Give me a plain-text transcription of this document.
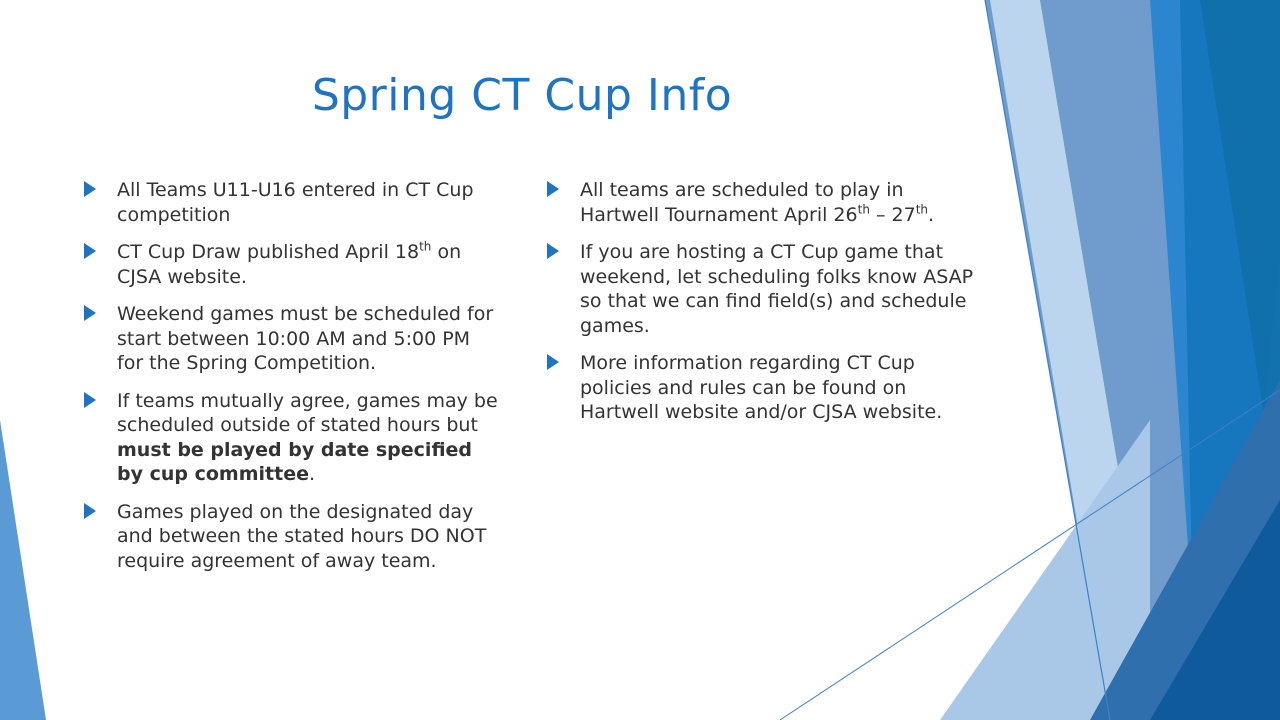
Spring CT Cup Info
All Teams U11-U16 entered in CT Cup competition
CT Cup Draw published April 18th on CJSA website.
Weekend games must be scheduled for start between 10:00 AM and 5:00 PM for the Spring Competition.
If teams mutually agree, games may be scheduled outside of stated hours but must be played by date specified by cup committee.
Games played on the designated day and between the stated hours DO NOT require agreement of away team.
All teams are scheduled to play in Hartwell Tournament April 26th – 27th.
If you are hosting a CT Cup game that weekend, let scheduling folks know ASAP so that we can find field(s) and schedule games.
More information regarding CT Cup policies and rules can be found on Hartwell website and/or CJSA website.
